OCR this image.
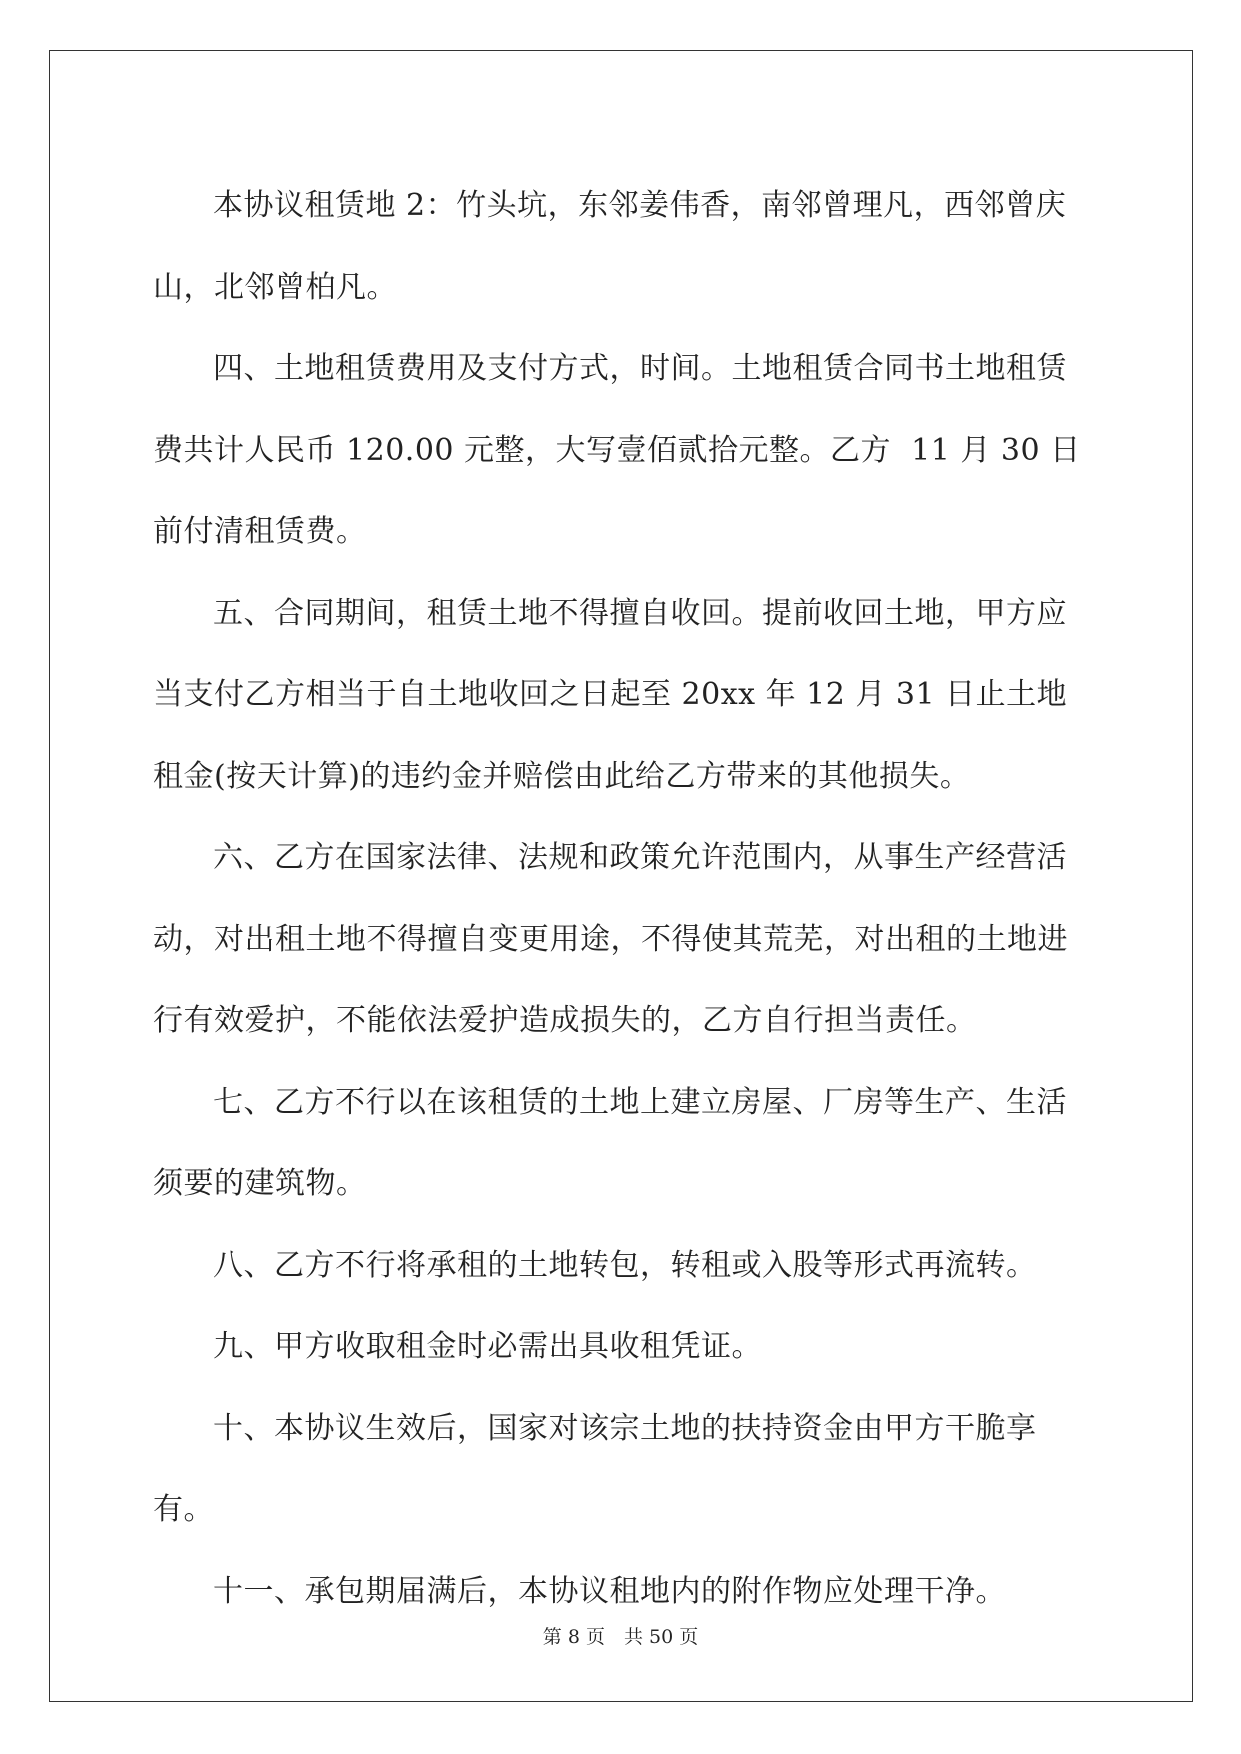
本协议租赁地 2：竹头坑，东邻姜伟香，南邻曾理凡，西邻曾庆山，北邻曾柏凡。

四、土地租赁费用及支付方式，时间。土地租赁合同书土地租赁费共计人民币 120.00 元整，大写壹佰贰拾元整。乙方  11 月 30 日前付清租赁费。

五、合同期间，租赁土地不得擅自收回。提前收回土地，甲方应当支付乙方相当于自土地收回之日起至 20xx 年 12 月 31 日止土地租金(按天计算)的违约金并赔偿由此给乙方带来的其他损失。

六、乙方在国家法律、法规和政策允许范围内，从事生产经营活动，对出租土地不得擅自变更用途，不得使其荒芜，对出租的土地进行有效爱护，不能依法爱护造成损失的，乙方自行担当责任。

七、乙方不行以在该租赁的土地上建立房屋、厂房等生产、生活须要的建筑物。

八、乙方不行将承租的土地转包，转租或入股等形式再流转。

九、甲方收取租金时必需出具收租凭证。

十、本协议生效后，国家对该宗土地的扶持资金由甲方干脆享有。

十一、承包期届满后，本协议租地内的附作物应处理干净。

第 8 页　共 50 页
